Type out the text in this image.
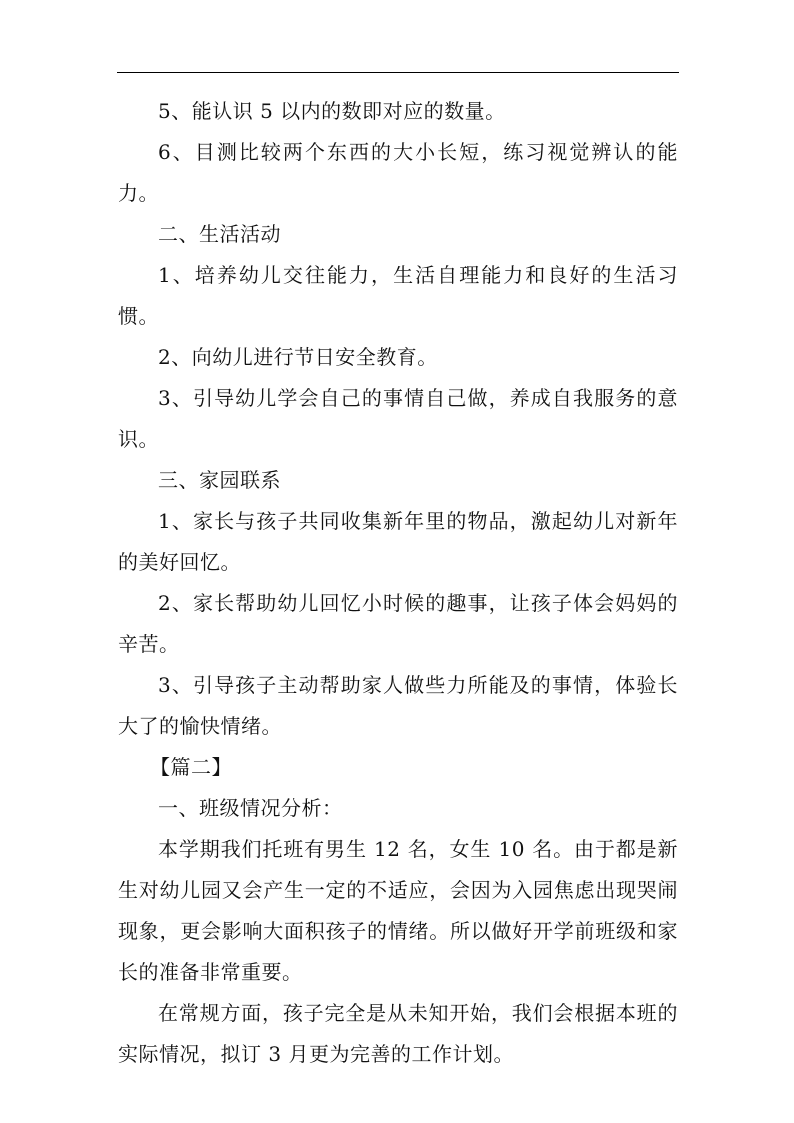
5、能认识 5 以内的数即对应的数量。

6、目测比较两个东西的大小长短，练习视觉辨认的能力。

二、生活活动

1、培养幼儿交往能力，生活自理能力和良好的生活习惯。

2、向幼儿进行节日安全教育。

3、引导幼儿学会自己的事情自己做，养成自我服务的意识。

三、家园联系

1、家长与孩子共同收集新年里的物品，激起幼儿对新年的美好回忆。

2、家长帮助幼儿回忆小时候的趣事，让孩子体会妈妈的辛苦。

3、引导孩子主动帮助家人做些力所能及的事情，体验长大了的愉快情绪。

【篇二】

一、班级情况分析：

本学期我们托班有男生 12 名，女生 10 名。由于都是新生对幼儿园又会产生一定的不适应，会因为入园焦虑出现哭闹现象，更会影响大面积孩子的情绪。所以做好开学前班级和家长的准备非常重要。

在常规方面，孩子完全是从未知开始，我们会根据本班的实际情况，拟订 3 月更为完善的工作计划。
